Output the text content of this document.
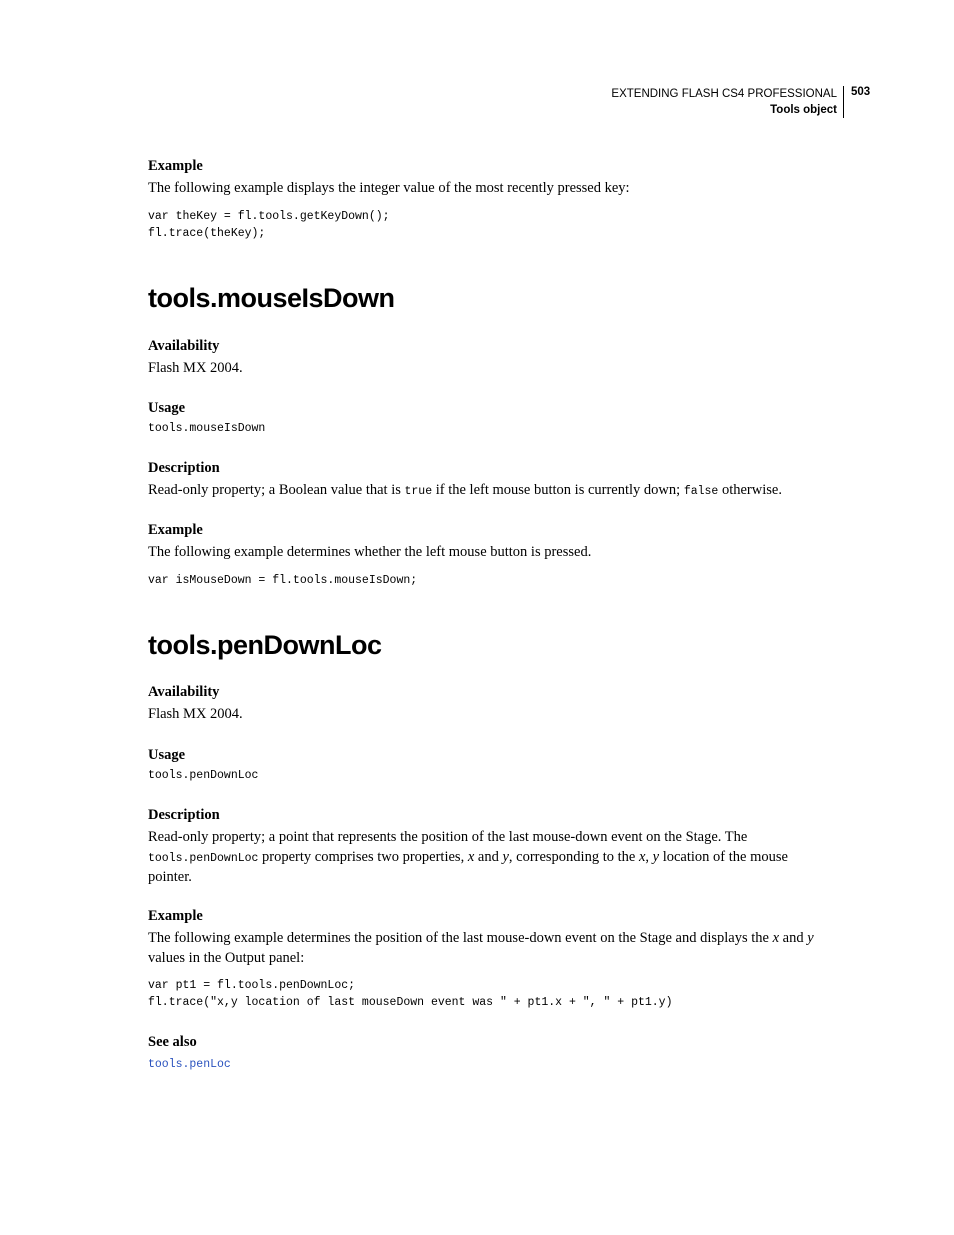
EXTENDING FLASH CS4 PROFESSIONAL
Tools object
503
Example
The following example displays the integer value of the most recently pressed key:
var theKey = fl.tools.getKeyDown();
fl.trace(theKey);
tools.mouseIsDown
Availability
Flash MX 2004.
Usage
tools.mouseIsDown
Description
Read-only property; a Boolean value that is true if the left mouse button is currently down; false otherwise.
Example
The following example determines whether the left mouse button is pressed.
var isMouseDown = fl.tools.mouseIsDown;
tools.penDownLoc
Availability
Flash MX 2004.
Usage
tools.penDownLoc
Description
Read-only property; a point that represents the position of the last mouse-down event on the Stage. The
tools.penDownLoc property comprises two properties, x and y, corresponding to the x, y location of the mouse
pointer.
Example
The following example determines the position of the last mouse-down event on the Stage and displays the x and y
values in the Output panel:
var pt1 = fl.tools.penDownLoc;
fl.trace("x,y location of last mouseDown event was " + pt1.x + ", " + pt1.y)
See also
tools.penLoc
